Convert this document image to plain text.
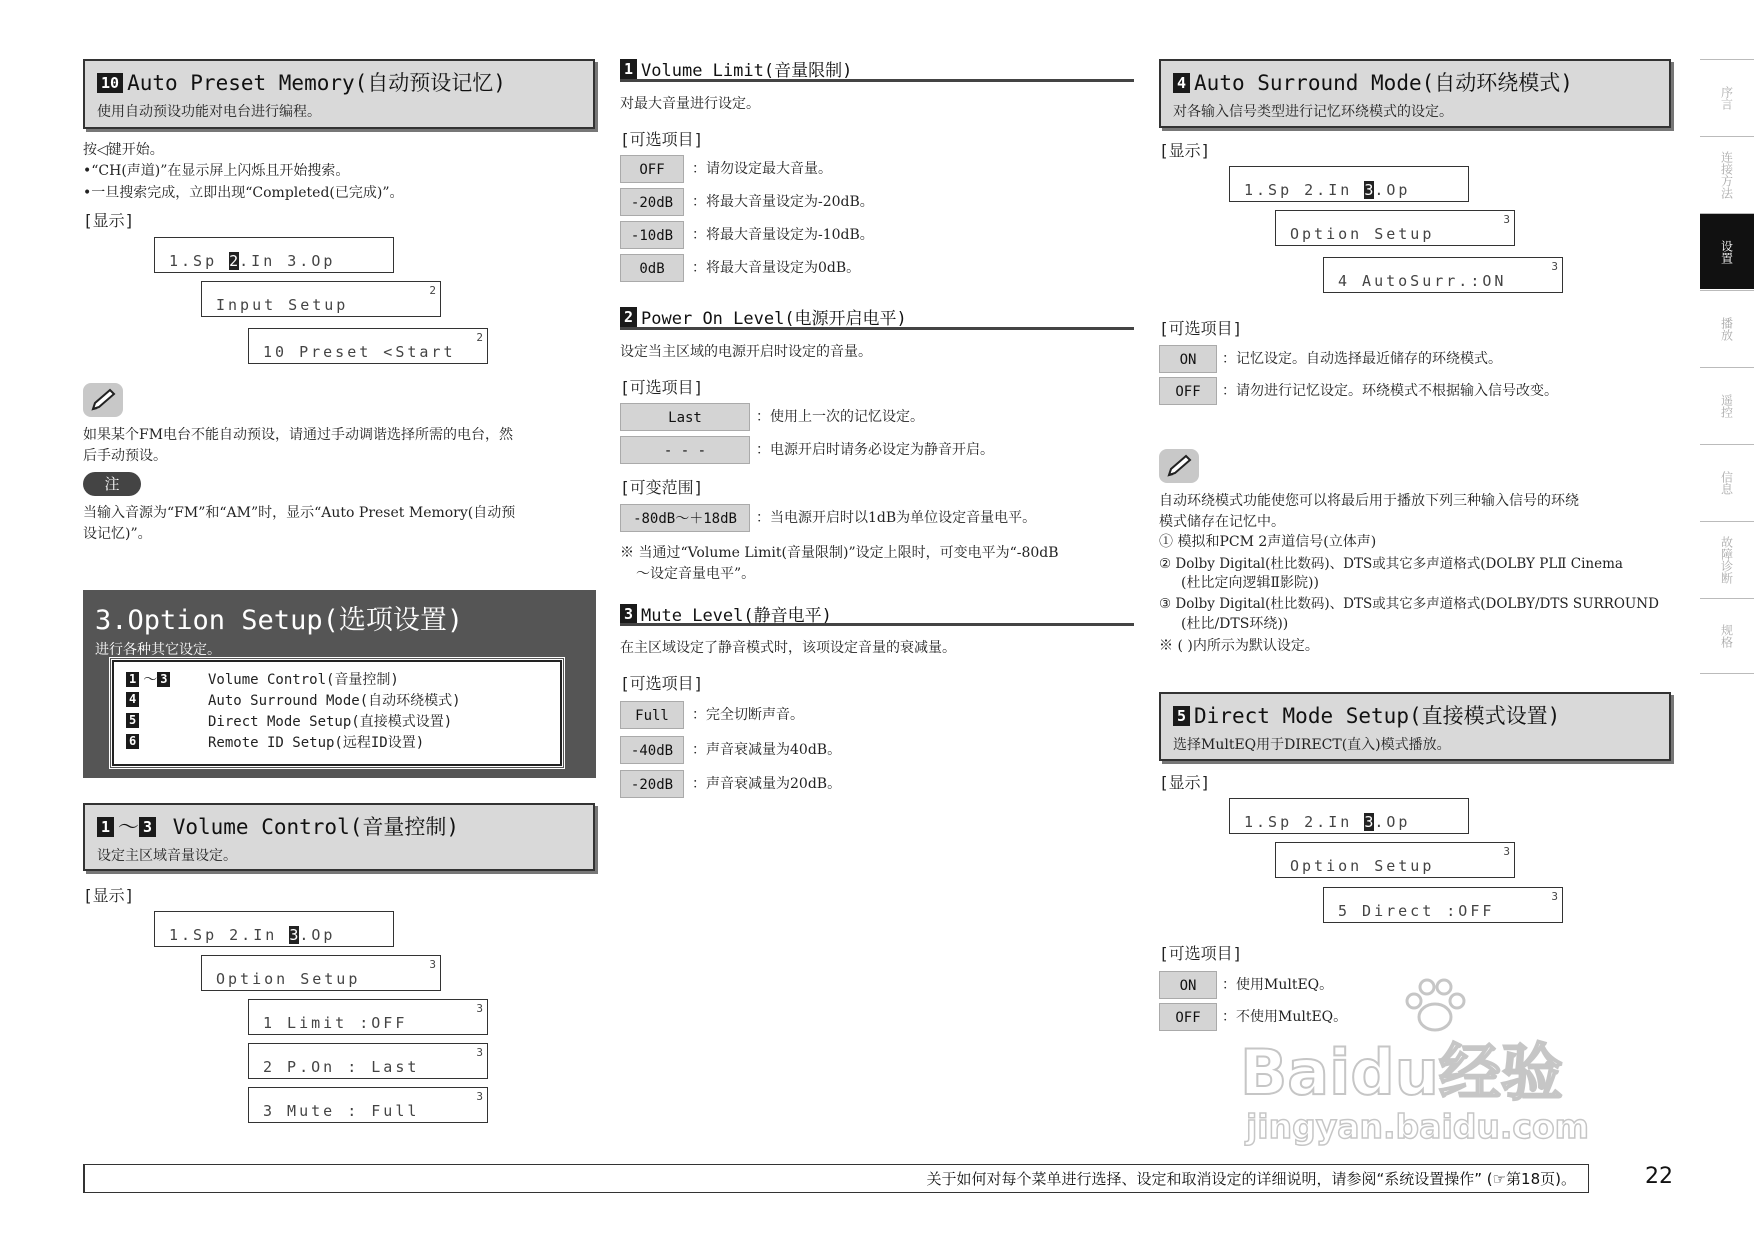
10 Auto Preset Memory(自动预设记忆)
使用自动预设功能对电台进行编程。
按◁键开始。
•“CH(声道)”在显示屏上闪烁且开始搜索。
•一旦搜索完成，立即出现“Completed(已完成)”。
[显示]
1.Sp 2.In 3.Op
Input Setup
2
10 Preset <Start
2
如果某个FM电台不能自动预设，请通过手动调谐选择所需的电台，然
后手动预设。
注
当输入音源为“FM”和“AM”时，显示“Auto Preset Memory(自动预
设记忆)”。
3.Option Setup(选项设置)
进行各种其它设定。
1 ～ 3	Volume Control(音量控制)
4	Auto Surround Mode(自动环绕模式)
5	Direct Mode Setup(直接模式设置)
6	Remote ID Setup(远程ID设置)
1 ～ 3 Volume Control(音量控制)
设定主区域音量设定。
[显示]
1.Sp 2.In 3.Op
Option Setup
3
1 Limit :OFF
3
2 P.On : Last
3
3 Mute : Full
3
1 Volume Limit(音量限制)
对最大音量进行设定。
[可选项目]
OFF	：请勿设定最大音量。
-20dB	：将最大音量设定为-20dB。
-10dB	：将最大音量设定为-10dB。
0dB	：将最大音量设定为0dB。
2 Power On Level(电源开启电平)
设定当主区域的电源开启时设定的音量。
[可选项目]
Last	：使用上一次的记忆设定。
- - -	：电源开启时请务必设定为静音开启。
[可变范围]
-80dB～＋18dB	：当电源开启时以1dB为单位设定音量电平。
※ 当通过“Volume Limit(音量限制)”设定上限时，可变电平为“-80dB
～设定音量电平”。
3 Mute Level(静音电平)
在主区域设定了静音模式时，该项设定音量的衰减量。
[可选项目]
Full	：完全切断声音。
-40dB	：声音衰减量为40dB。
-20dB	：声音衰减量为20dB。
4 Auto Surround Mode(自动环绕模式)
对各输入信号类型进行记忆环绕模式的设定。
[显示]
1.Sp 2.In 3.Op
Option Setup
3
4 AutoSurr.:ON
3
[可选项目]
ON	：记忆设定。自动选择最近储存的环绕模式。
OFF	：请勿进行记忆设定。环绕模式不根据输入信号改变。
自动环绕模式功能使您可以将最后用于播放下列三种输入信号的环绕
模式储存在记忆中。
① 模拟和PCM 2声道信号(立体声)
② Dolby Digital(杜比数码)、DTS或其它多声道格式(DOLBY PLⅡ Cinema
(杜比定向逻辑Ⅱ影院))
③ Dolby Digital(杜比数码)、DTS或其它多声道格式(DOLBY/DTS SURROUND
(杜比/DTS环绕))
※ ( )内所示为默认设定。
5 Direct Mode Setup(直接模式设置)
选择MultEQ用于DIRECT(直入)模式播放。
[显示]
1.Sp 2.In 3.Op
Option Setup
3
5 Direct :OFF
3
[可选项目]
ON	：使用MultEQ。
OFF	：不使用MultEQ。
Baidu经验
jingyan.baidu.com
序言
连接方法
设置
播放
遥控
信息
故障诊断
规格
关于如何对每个菜单进行选择、设定和取消设定的详细说明，请参阅“系统设置操作” (☞第18页)。	22
